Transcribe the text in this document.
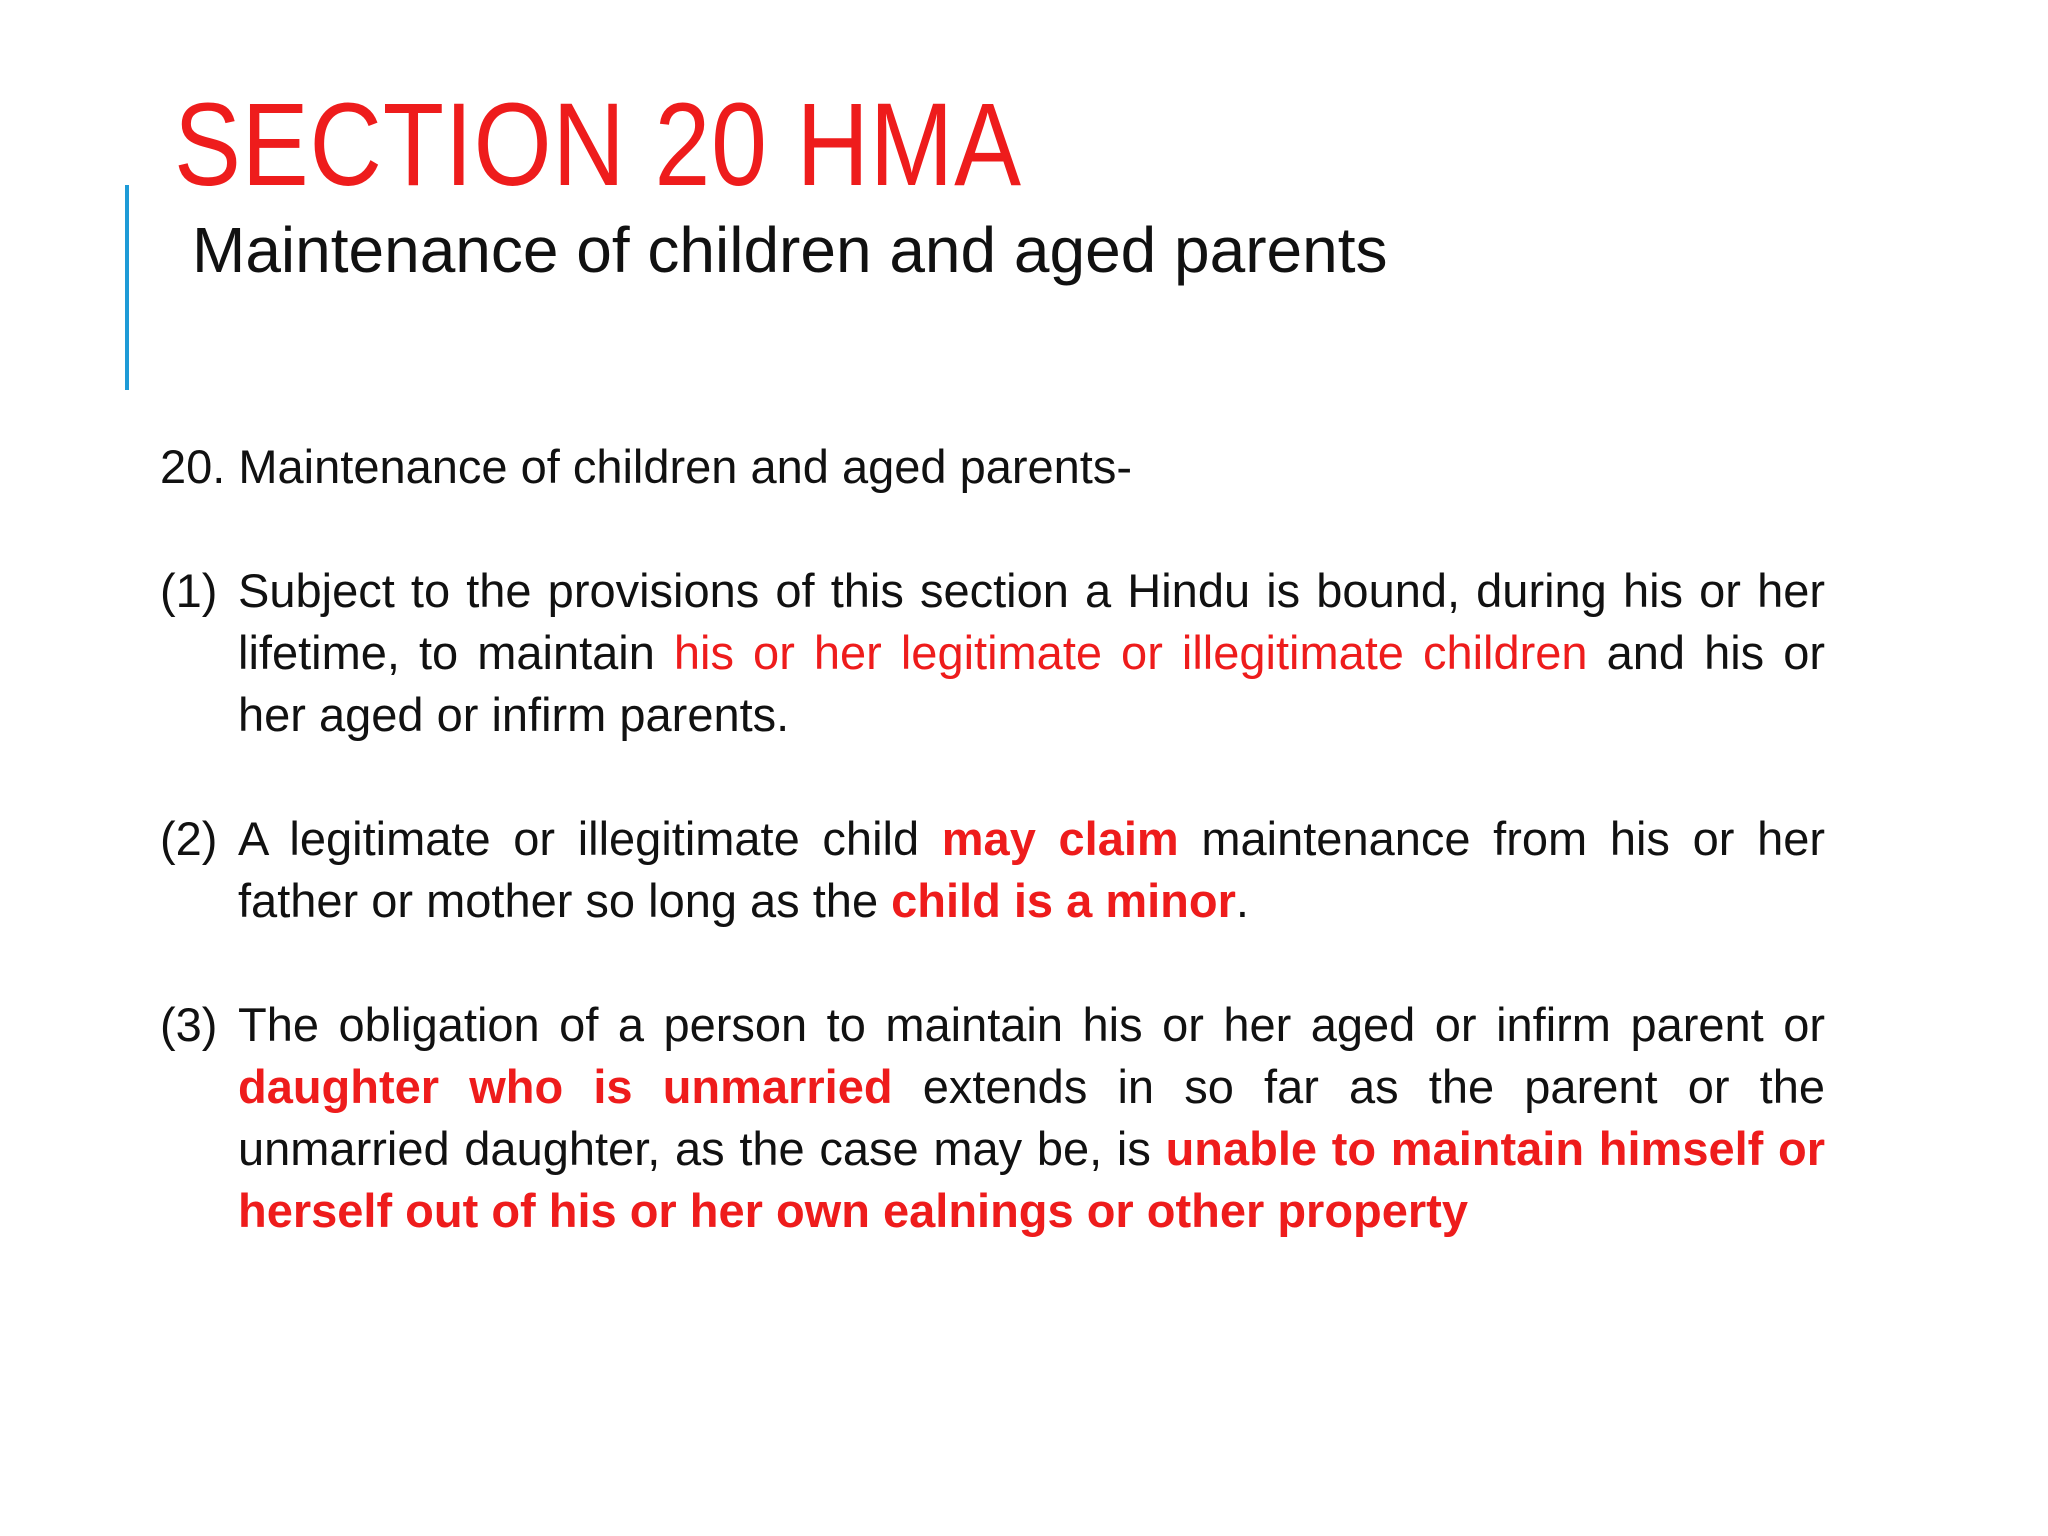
SECTION 20 HMA
Maintenance of children and aged parents

20. Maintenance of children and aged parents-

(1) Subject to the provisions of this section a Hindu is bound, during his or her lifetime, to maintain his or her legitimate or illegitimate children and his or her aged or infirm parents.

(2) A legitimate or illegitimate child may claim maintenance from his or her father or mother so long as the child is a minor.

(3) The obligation of a person to maintain his or her aged or infirm parent or daughter who is unmarried extends in so far as the parent or the unmarried daughter, as the case may be, is unable to maintain himself or herself out of his or her own ealnings or other property
